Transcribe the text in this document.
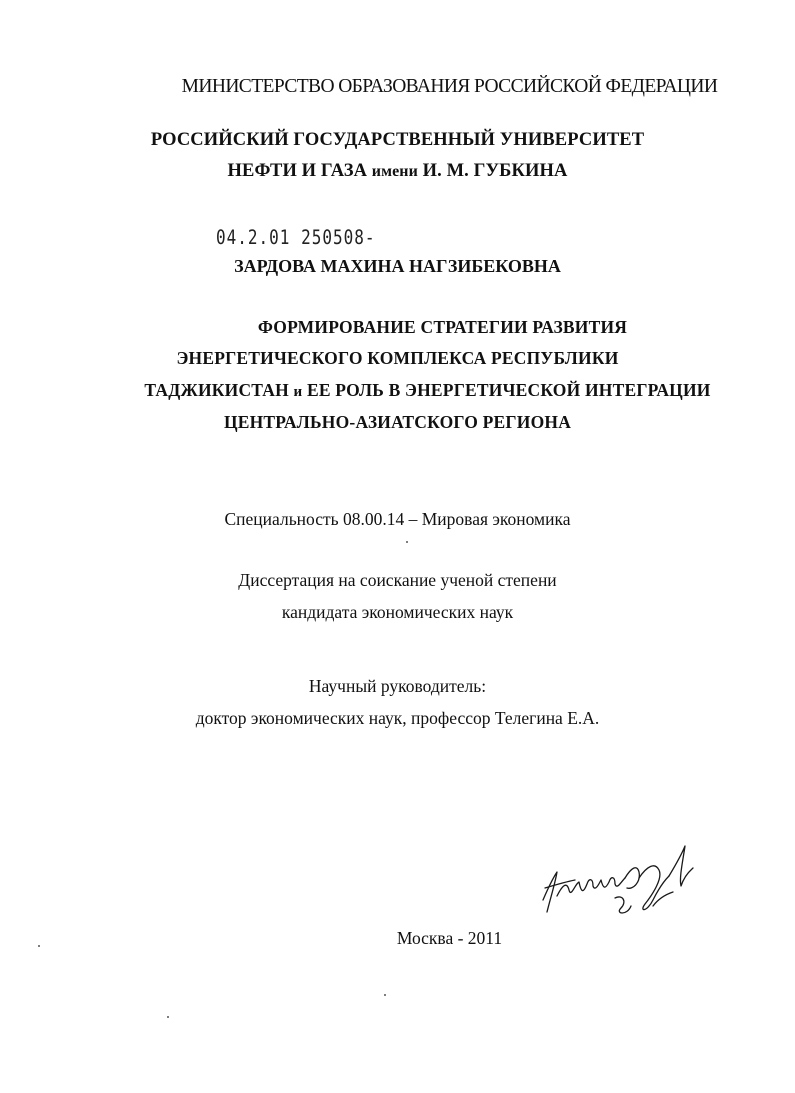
МИНИСТЕРСТВО ОБРАЗОВАНИЯ РОССИЙСКОЙ ФЕДЕРАЦИИ
РОССИЙСКИЙ ГОСУДАРСТВЕННЫЙ УНИВЕРСИТЕТ
НЕФТИ И ГАЗА имени И. М. ГУБКИНА
04.2.01 250508-
ЗАРДОВА МАХИНА НАГЗИБЕКОВНА
ФОРМИРОВАНИЕ СТРАТЕГИИ РАЗВИТИЯ
ЭНЕРГЕТИЧЕСКОГО КОМПЛЕКСА РЕСПУБЛИКИ
ТАДЖИКИСТАН и ЕЕ РОЛЬ В ЭНЕРГЕТИЧЕСКОЙ ИНТЕГРАЦИИ
ЦЕНТРАЛЬНО-АЗИАТСКОГО РЕГИОНА
Специальность 08.00.14 – Мировая экономика
Диссертация на соискание ученой степени
кандидата экономических наук
Научный руководитель:
доктор экономических наук, профессор Телегина Е.А.
Москва - 2011
